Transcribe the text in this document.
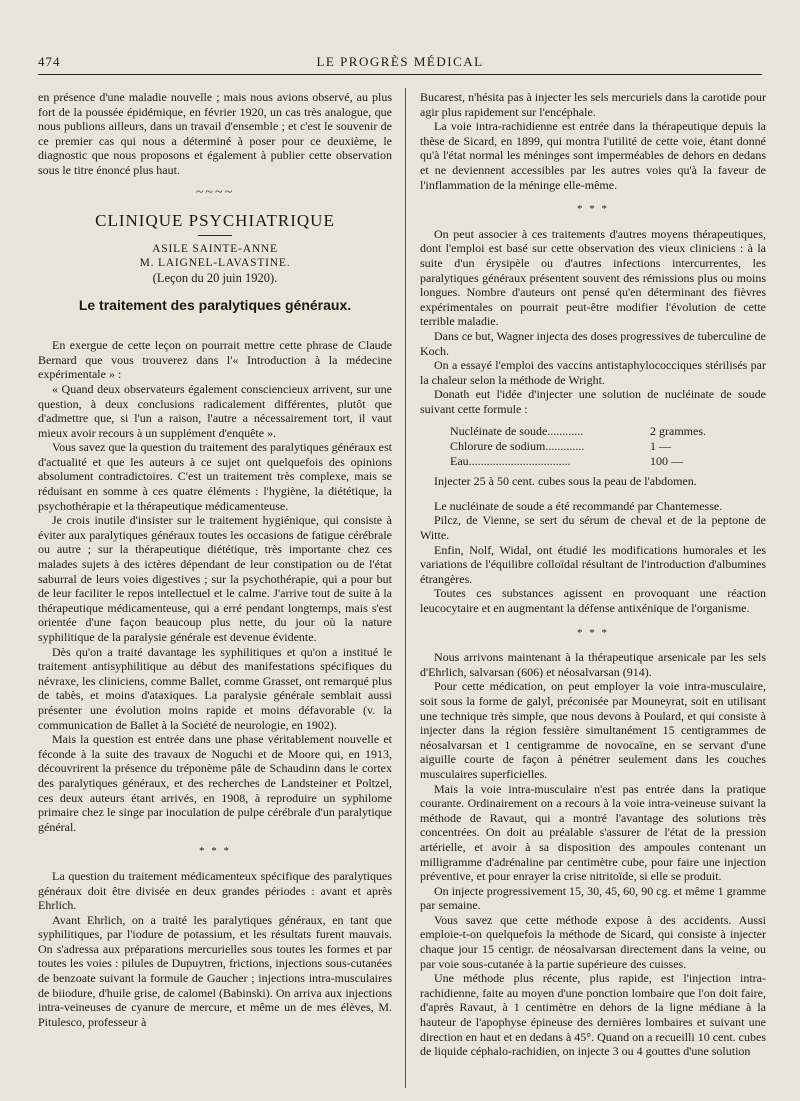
474	LE PROGRÈS MÉDICAL

en présence d'une maladie nouvelle ; mais nous avions observé, au plus fort de la poussée épidémique, en février 1920, un cas très analogue, que nous publions ailleurs, dans un travail d'ensemble ; et c'est le souvenir de ce premier cas qui nous a déterminé à poser pour ce deuxième, le diagnostic que nous proposons et également à publier cette observation sous le titre énoncé plus haut.

~~~~
CLINIQUE PSYCHIATRIQUE
ASILE SAINTE-ANNE
M. LAIGNEL-LAVASTINE.
(Leçon du 20 juin 1920).
Le traitement des paralytiques généraux.

En exergue de cette leçon on pourrait mettre cette phrase de Claude Bernard que vous trouverez dans l'« Introduction à la médecine expérimentale » :

« Quand deux observateurs également consciencieux arrivent, sur une question, à deux conclusions radicalement différentes, plutôt que d'admettre que, si l'un a raison, l'autre a nécessairement tort, il vaut mieux avoir recours à un supplément d'enquête ».

Vous savez que la question du traitement des paralytiques généraux est d'actualité et que les auteurs à ce sujet ont quelquefois des opinions absolument contradictoires. C'est un traitement très complexe, mais se réduisant en somme à ces quatre éléments : l'hygiène, la diététique, la psychothérapie et la thérapeutique médicamenteuse.

Je crois inutile d'insister sur le traitement hygiénique, qui consiste à éviter aux paralytiques généraux toutes les occasions de fatigue cérébrale ou autre ; sur la thérapeutique diététique, très importante chez ces malades sujets à des ictères dépendant de leur constipation ou de l'état saburral de leurs voies digestives ; sur la psychothérapie, qui a pour but de leur faciliter le repos intellectuel et le calme. J'arrive tout de suite à la thérapeutique médicamenteuse, qui a erré pendant longtemps, mais s'est orientée d'une façon beaucoup plus nette, du jour où la nature syphilitique de la paralysie générale est devenue évidente.

Dès qu'on a traité davantage les syphilitiques et qu'on a institué le traitement antisyphilitique au début des manifestations spécifiques du névraxe, les cliniciens, comme Ballet, comme Grasset, ont remarqué plus de tabès, et moins d'ataxiques. La paralysie générale semblait aussi présenter une évolution moins rapide et moins défavorable (v. la communication de Ballet à la Société de neurologie, en 1902).

Mais la question est entrée dans une phase véritablement nouvelle et féconde à la suite des travaux de Noguchi et de Moore qui, en 1913, découvrirent la présence du tréponème pâle de Schaudinn dans le cortex des paralytiques généraux, et des recherches de Landsteiner et Poltzel, ces deux auteurs étant arrivés, en 1908, à reproduire un syphilome primaire chez le singe par inoculation de pulpe cérébrale d'un paralytique général.

* * *

La question du traitement médicamenteux spécifique des paralytiques généraux doit être divisée en deux grandes périodes : avant et après Ehrlich.

Avant Ehrlich, on a traité les paralytiques généraux, en tant que syphilitiques, par l'iodure de potassium, et les résultats furent mauvais. On s'adressa aux préparations mercurielles sous toutes les formes et par toutes les voies : pilules de Dupuytren, frictions, injections sous-cutanées de benzoate suivant la formule de Gaucher ; injections intra-musculaires de biiodure, d'huile grise, de calomel (Babinski). On arriva aux injections intra-veineuses de cyanure de mercure, et même un de mes élèves, M. Pitulesco, professeur à

Bucarest, n'hésita pas à injecter les sels mercuriels dans la carotide pour agir plus rapidement sur l'encéphale.

La voie intra-rachidienne est entrée dans la thérapeutique depuis la thèse de Sicard, en 1899, qui montra l'utilité de cette voie, étant donné qu'à l'état normal les méninges sont imperméables de dehors en dedans et ne deviennent accessibles par les autres voies qu'à la faveur de l'inflammation de la méninge elle-même.

* * *

On peut associer à ces traitements d'autres moyens thérapeutiques, dont l'emploi est basé sur cette observation des vieux cliniciens : à la suite d'un érysipèle ou d'autres infections intercurrentes, les paralytiques généraux présentent souvent des rémissions plus ou moins longues. Nombre d'auteurs ont pensé qu'en déterminant des fièvres expérimentales on pourrait peut-être modifier l'évolution de cette terrible maladie.

Dans ce but, Wagner injecta des doses progressives de tuberculine de Koch.

On a essayé l'emploi des vaccins antistaphylococciques stérilisés par la chaleur selon la méthode de Wright.

Donath eut l'idée d'injecter une solution de nucléinate de soude suivant cette formule :

Nucléinate de soude............	2 grammes.
Chlorure de sodium.............	1 —
Eau..................................	100 —

Injecter 25 à 50 cent. cubes sous la peau de l'abdomen.

Le nucléinate de soude a été recommandé par Chantemesse.

Pilcz, de Vienne, se sert du sérum de cheval et de la peptone de Witte.

Enfin, Nolf, Widal, ont étudié les modifications humorales et les variations de l'équilibre colloïdal résultant de l'introduction d'albumines étrangères.

Toutes ces substances agissent en provoquant une réaction leucocytaire et en augmentant la défense antixénique de l'organisme.

* * *

Nous arrivons maintenant à la thérapeutique arsenicale par les sels d'Ehrlich, salvarsan (606) et néosalvarsan (914).

Pour cette médication, on peut employer la voie intra-musculaire, soit sous la forme de galyl, préconisée par Mouneyrat, soit en utilisant une technique très simple, que nous devons à Poulard, et qui consiste à injecter dans la région fessière simultanément 15 centigrammes de néosalvarsan et 1 centigramme de novocaïne, en se servant d'une aiguille courte de façon à pénétrer seulement dans les couches musculaires superficielles.

Mais la voie intra-musculaire n'est pas entrée dans la pratique courante. Ordinairement on a recours à la voie intra-veineuse suivant la méthode de Ravaut, qui a montré l'avantage des solutions très concentrées. On doit au préalable s'assurer de l'état de la pression artérielle, et avoir à sa disposition des ampoules contenant un milligramme d'adrénaline par centimètre cube, pour faire une injection préventive, et pour enrayer la crise nitritoïde, si elle se produit.

On injecte progressivement 15, 30, 45, 60, 90 cg. et même 1 gramme par semaine.

Vous savez que cette méthode expose à des accidents. Aussi emploie-t-on quelquefois la méthode de Sicard, qui consiste à injecter chaque jour 15 centigr. de néosalvarsan directement dans la veine, ou par voie sous-cutanée à la partie supérieure des cuisses.

Une méthode plus récente, plus rapide, est l'injection intra-rachidienne, faite au moyen d'une ponction lombaire que l'on doit faire, d'après Ravaut, à 1 centimètre en dehors de la ligne médiane à la hauteur de l'apophyse épineuse des dernières lombaires et suivant une direction en haut et en dedans à 45°. Quand on a recueilli 10 cent. cubes de liquide céphalo-rachidien, on injecte 3 ou 4 gouttes d'une solution
